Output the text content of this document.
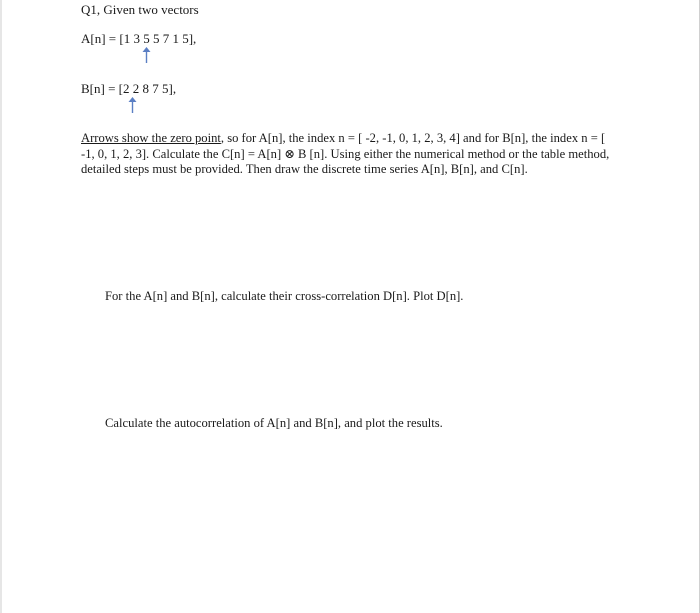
Q1, Given two vectors
A[n] = [1 3 5 5 7 1 5],
B[n] = [2 2 8 7 5],
Arrows show the zero point, so for A[n], the index n = [ -2, -1, 0, 1, 2, 3, 4] and for B[n], the index n = [ -1, 0, 1, 2, 3]. Calculate the C[n] = A[n] ⊗ B [n]. Using either the numerical method or the table method, detailed steps must be provided. Then draw the discrete time series A[n], B[n], and C[n].
For the A[n] and B[n], calculate their cross-correlation D[n]. Plot D[n].
Calculate the autocorrelation of A[n] and B[n], and plot the results.
